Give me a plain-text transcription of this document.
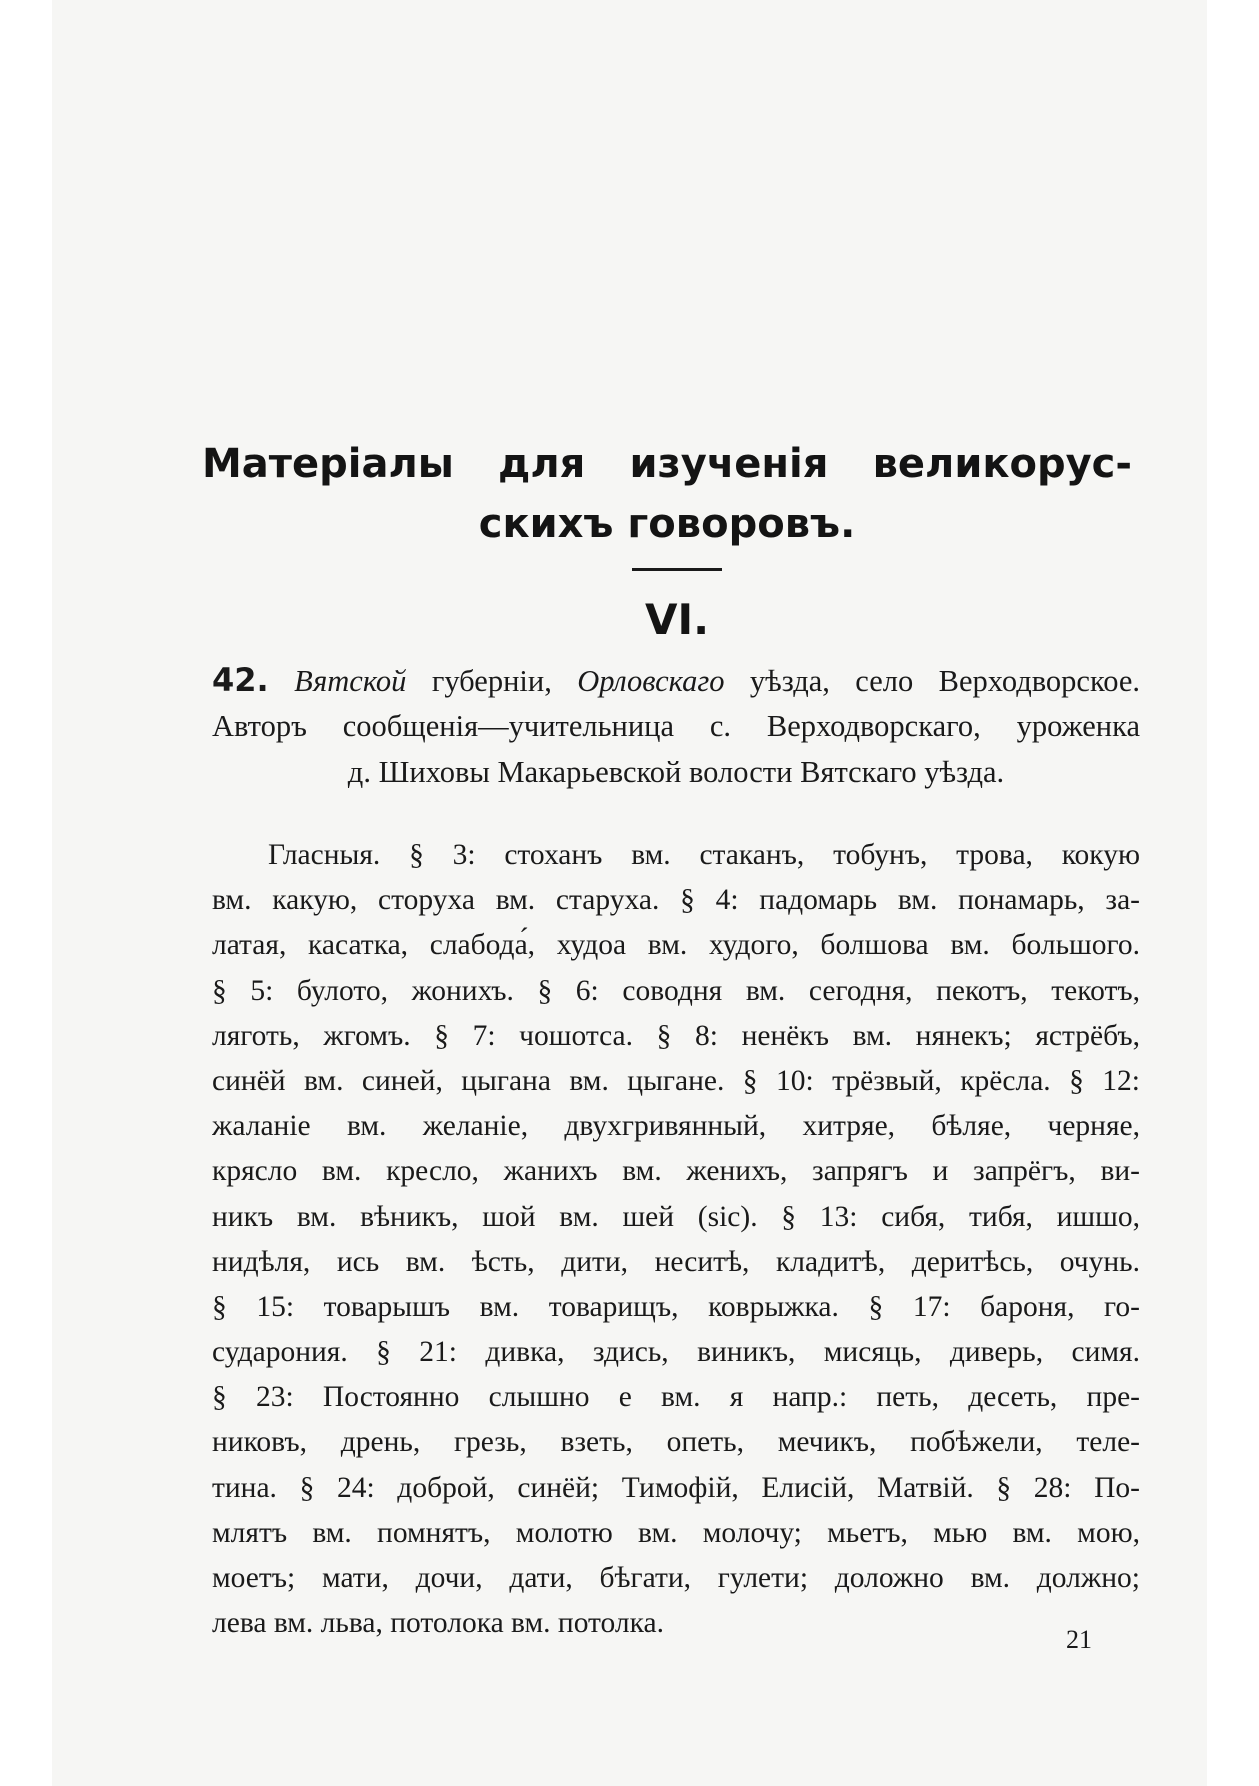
Матеріалы для изученія великорус-
скихъ говоровъ.
VI.
42. Вятской губерніи, Орловскаго уѣзда, село Верходворское.
Авторъ сообщенія—учительница с. Верходворскаго, уроженка
д. Шиховы Макарьевской волости Вятскаго уѣзда.
Гласныя. § 3: стоханъ вм. стаканъ, тобунъ, трова, кокую
вм. какую, сторуха вм. старуха. § 4: падомарь вм. понамарь, за-
латая, касатка, слабода́, худоа вм. худого, болшова вм. большого.
§ 5: булото, жонихъ. § 6: соводня вм. сегодня, пекотъ, текотъ,
ляготь, жгомъ. § 7: чошотса. § 8: ненёкъ вм. нянекъ; ястрёбъ,
синёй вм. синей, цыгана вм. цыгане. § 10: трёзвый, крёсла. § 12:
жаланіе вм. желаніе, двухгривянный, хитряе, бѣляе, черняе,
крясло вм. кресло, жанихъ вм. женихъ, запрягъ и запрёгъ, ви-
никъ вм. вѣникъ, шой вм. шей (sic). § 13: сибя, тибя, ишшо,
нидѣля, ись вм. ѣсть, дити, неситѣ, кладитѣ, деритѣсь, очунь.
§ 15: товарышъ вм. товарищъ, коврыжка. § 17: бароня, го-
сударония. § 21: дивка, здись, виникъ, мисяць, диверь, симя.
§ 23: Постоянно слышно е вм. я напр.: петь, десеть, пре-
никовъ, дрень, грезь, взеть, опеть, мечикъ, побѣжели, теле-
тина. § 24: доброй, синёй; Тимофій, Елисій, Матвій. § 28: По-
млятъ вм. помнятъ, молотю вм. молочу; мьетъ, мью вм. мою,
моетъ; мати, дочи, дати, бѣгати, гулети; доложно вм. должно;
лева вм. льва, потолока вм. потолка.
21
